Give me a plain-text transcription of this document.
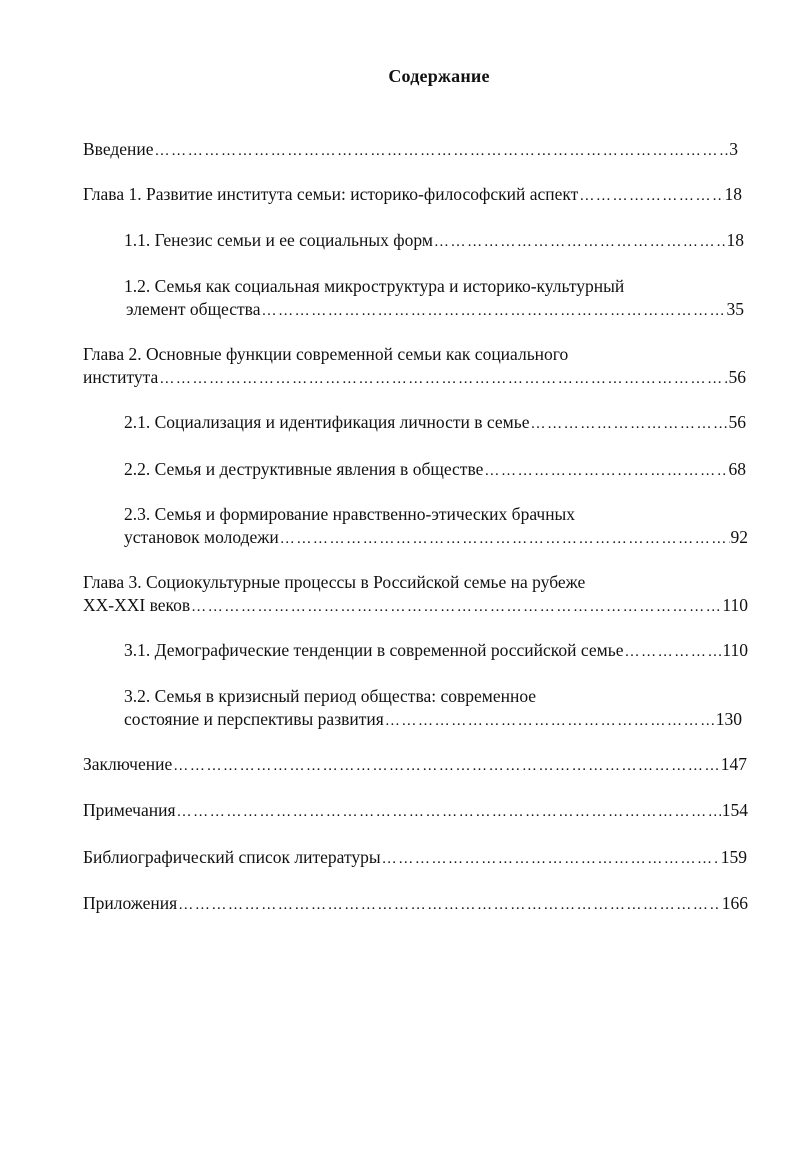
Содержание
Введение ……………………………………………………………………………………………………………………………………………………………………	3
Глава 1. Развитие института семьи: историко-философский аспект ……………………………………………………………………………………………………………………………………………………………………	18
1.1. Генезис семьи и ее социальных форм ……………………………………………………………………………………………………………………………………………………………………	18
1.2. Семья как социальная микроструктура и историко-культурный
элемент общества ……………………………………………………………………………………………………………………………………………………………………	35
Глава 2. Основные функции современной семьи как социального
института ……………………………………………………………………………………………………………………………………………………………………	56
2.1. Социализация и идентификация личности в семье ……………………………………………………………………………………………………………………………………………………………………	56
2.2. Семья и деструктивные явления в обществе ……………………………………………………………………………………………………………………………………………………………………	68
2.3. Семья и формирование нравственно-этических брачных
установок молодежи ……………………………………………………………………………………………………………………………………………………………………	92
Глава 3. Социокультурные процессы в Российской семье на рубеже
XX-XXI веков ……………………………………………………………………………………………………………………………………………………………………	110
3.1. Демографические тенденции в современной российской семье ……………………………………………………………………………………………………………………………………………………………………	110
3.2. Семья в кризисный период общества: современное
состояние и перспективы развития ……………………………………………………………………………………………………………………………………………………………………	130
Заключение ……………………………………………………………………………………………………………………………………………………………………	147
Примечания ……………………………………………………………………………………………………………………………………………………………………	154
Библиографический список литературы ……………………………………………………………………………………………………………………………………………………………………	159
Приложения ……………………………………………………………………………………………………………………………………………………………………	166
